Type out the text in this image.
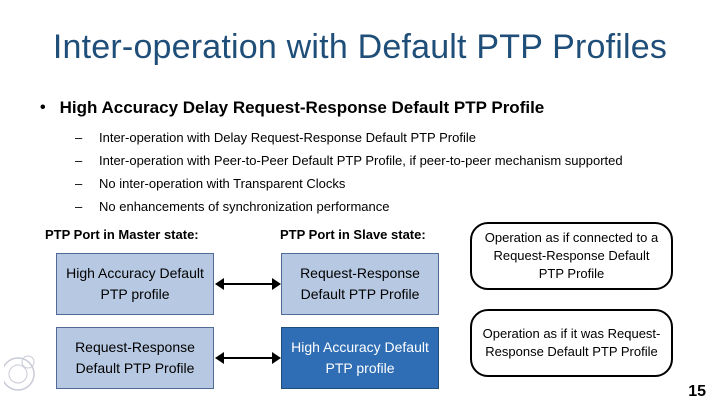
Inter-operation with Default PTP Profiles
• High Accuracy Delay Request-Response Default PTP Profile
–	Inter-operation with Delay Request-Response Default PTP Profile
–	Inter-operation with Peer-to-Peer Default PTP Profile, if peer-to-peer mechanism supported
–	No inter-operation with Transparent Clocks
–	No enhancements of synchronization performance
PTP Port in Master state:	PTP Port in Slave state:
High Accuracy Default PTP profile
Request-Response Default PTP Profile
Operation as if connected to a Request-Response Default PTP Profile
Request-Response Default PTP Profile
High Accuracy Default PTP profile
Operation as if it was Request-Response Default PTP Profile
15
